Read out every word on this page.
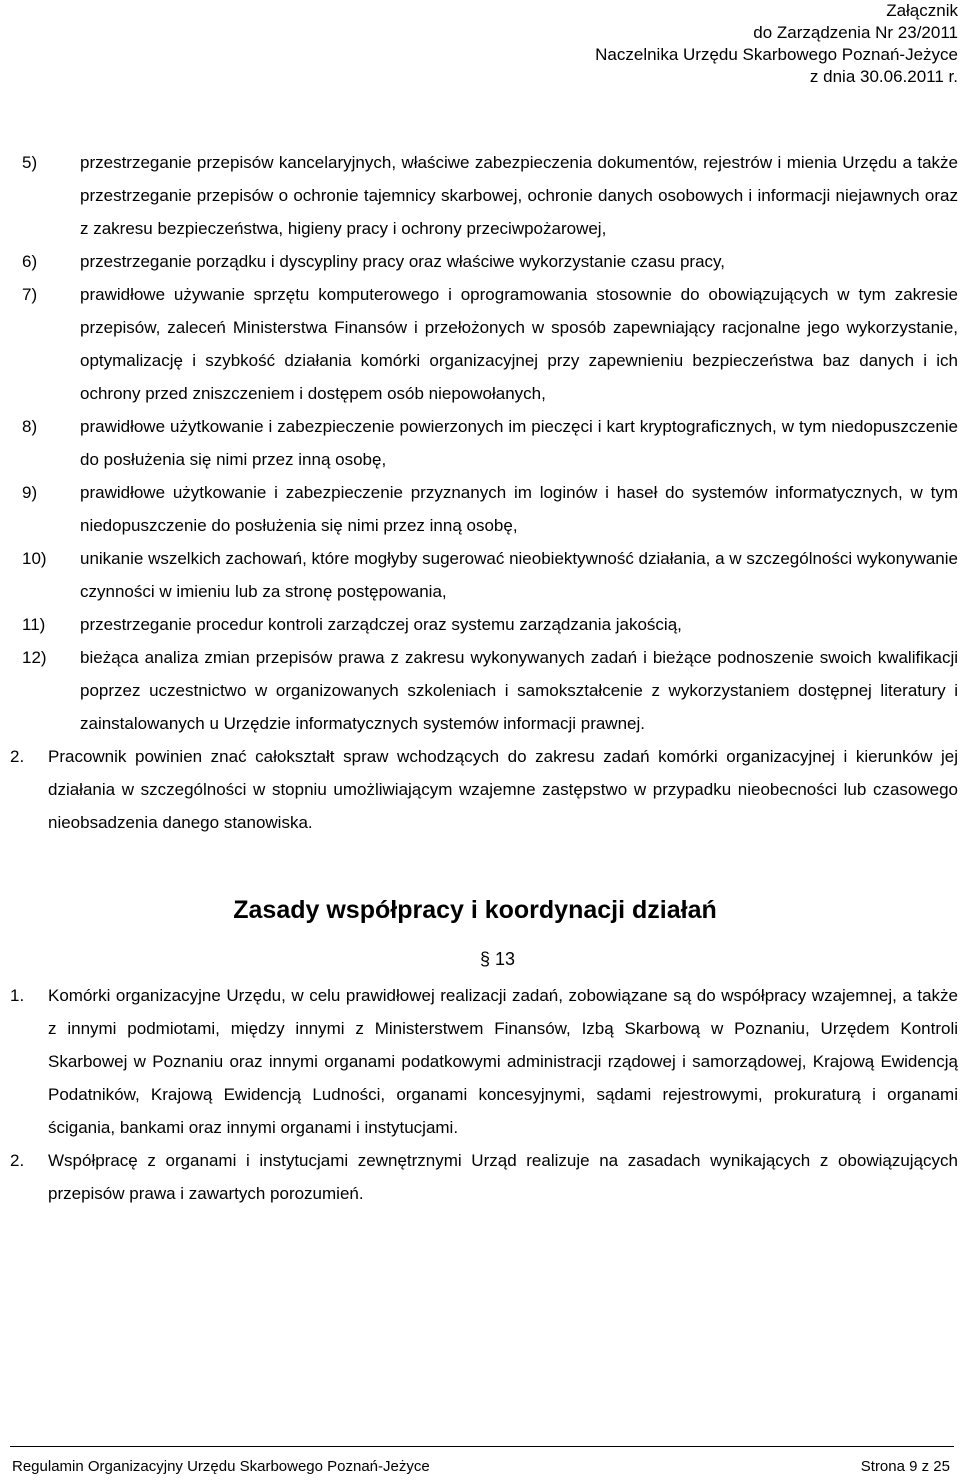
Załącznik
do Zarządzenia Nr 23/2011
Naczelnika Urzędu Skarbowego Poznań-Jeżyce
z dnia 30.06.2011 r.
5)	przestrzeganie przepisów kancelaryjnych, właściwe zabezpieczenia dokumentów, rejestrów i mienia Urzędu a także przestrzeganie przepisów o ochronie tajemnicy skarbowej, ochronie danych osobowych i informacji niejawnych oraz z zakresu bezpieczeństwa, higieny pracy i ochrony przeciwpożarowej,
6)	przestrzeganie porządku i dyscypliny pracy oraz właściwe wykorzystanie czasu pracy,
7)	prawidłowe używanie sprzętu komputerowego i oprogramowania stosownie do obowiązujących w tym zakresie przepisów, zaleceń Ministerstwa Finansów i przełożonych w sposób zapewniający racjonalne jego wykorzystanie, optymalizację i szybkość działania komórki organizacyjnej przy zapewnieniu bezpieczeństwa baz danych i ich ochrony przed zniszczeniem i dostępem osób niepowołanych,
8)	prawidłowe użytkowanie i zabezpieczenie powierzonych im pieczęci i kart kryptograficznych, w tym niedopuszczenie do posłużenia się nimi przez inną osobę,
9)	prawidłowe użytkowanie i zabezpieczenie przyznanych im loginów i haseł do systemów informatycznych, w tym niedopuszczenie do posłużenia się nimi przez inną osobę,
10) unikanie wszelkich zachowań, które mogłyby sugerować nieobiektywność działania, a w szczególności wykonywanie czynności w imieniu lub za stronę postępowania,
11) przestrzeganie procedur kontroli zarządczej oraz systemu zarządzania jakością,
12) bieżąca analiza zmian przepisów prawa z zakresu wykonywanych zadań i bieżące podnoszenie swoich kwalifikacji poprzez uczestnictwo w organizowanych szkoleniach i samokształcenie z wykorzystaniem dostępnej literatury i zainstalowanych u Urzędzie informatycznych systemów informacji prawnej.
2. Pracownik powinien znać całokształt spraw wchodzących do zakresu zadań komórki organizacyjnej i kierunków jej działania w szczególności w stopniu umożliwiającym wzajemne zastępstwo w przypadku nieobecności lub czasowego nieobsadzenia danego stanowiska.
Zasady współpracy i koordynacji działań
§ 13
1. Komórki organizacyjne Urzędu, w celu prawidłowej realizacji zadań, zobowiązane są do współpracy wzajemnej, a także z innymi podmiotami, między innymi z Ministerstwem Finansów, Izbą Skarbową w Poznaniu, Urzędem Kontroli Skarbowej w Poznaniu oraz innymi organami podatkowymi administracji rządowej i samorządowej, Krajową Ewidencją Podatników, Krajową Ewidencją Ludności, organami koncesyjnymi, sądami rejestrowymi, prokuraturą i organami ścigania, bankami oraz innymi organami i instytucjami.
2. Współpracę z organami i instytucjami zewnętrznymi Urząd realizuje na zasadach wynikających z obowiązujących przepisów prawa i zawartych porozumień.
Regulamin Organizacyjny Urzędu Skarbowego Poznań-Jeżyce	Strona 9 z 25
